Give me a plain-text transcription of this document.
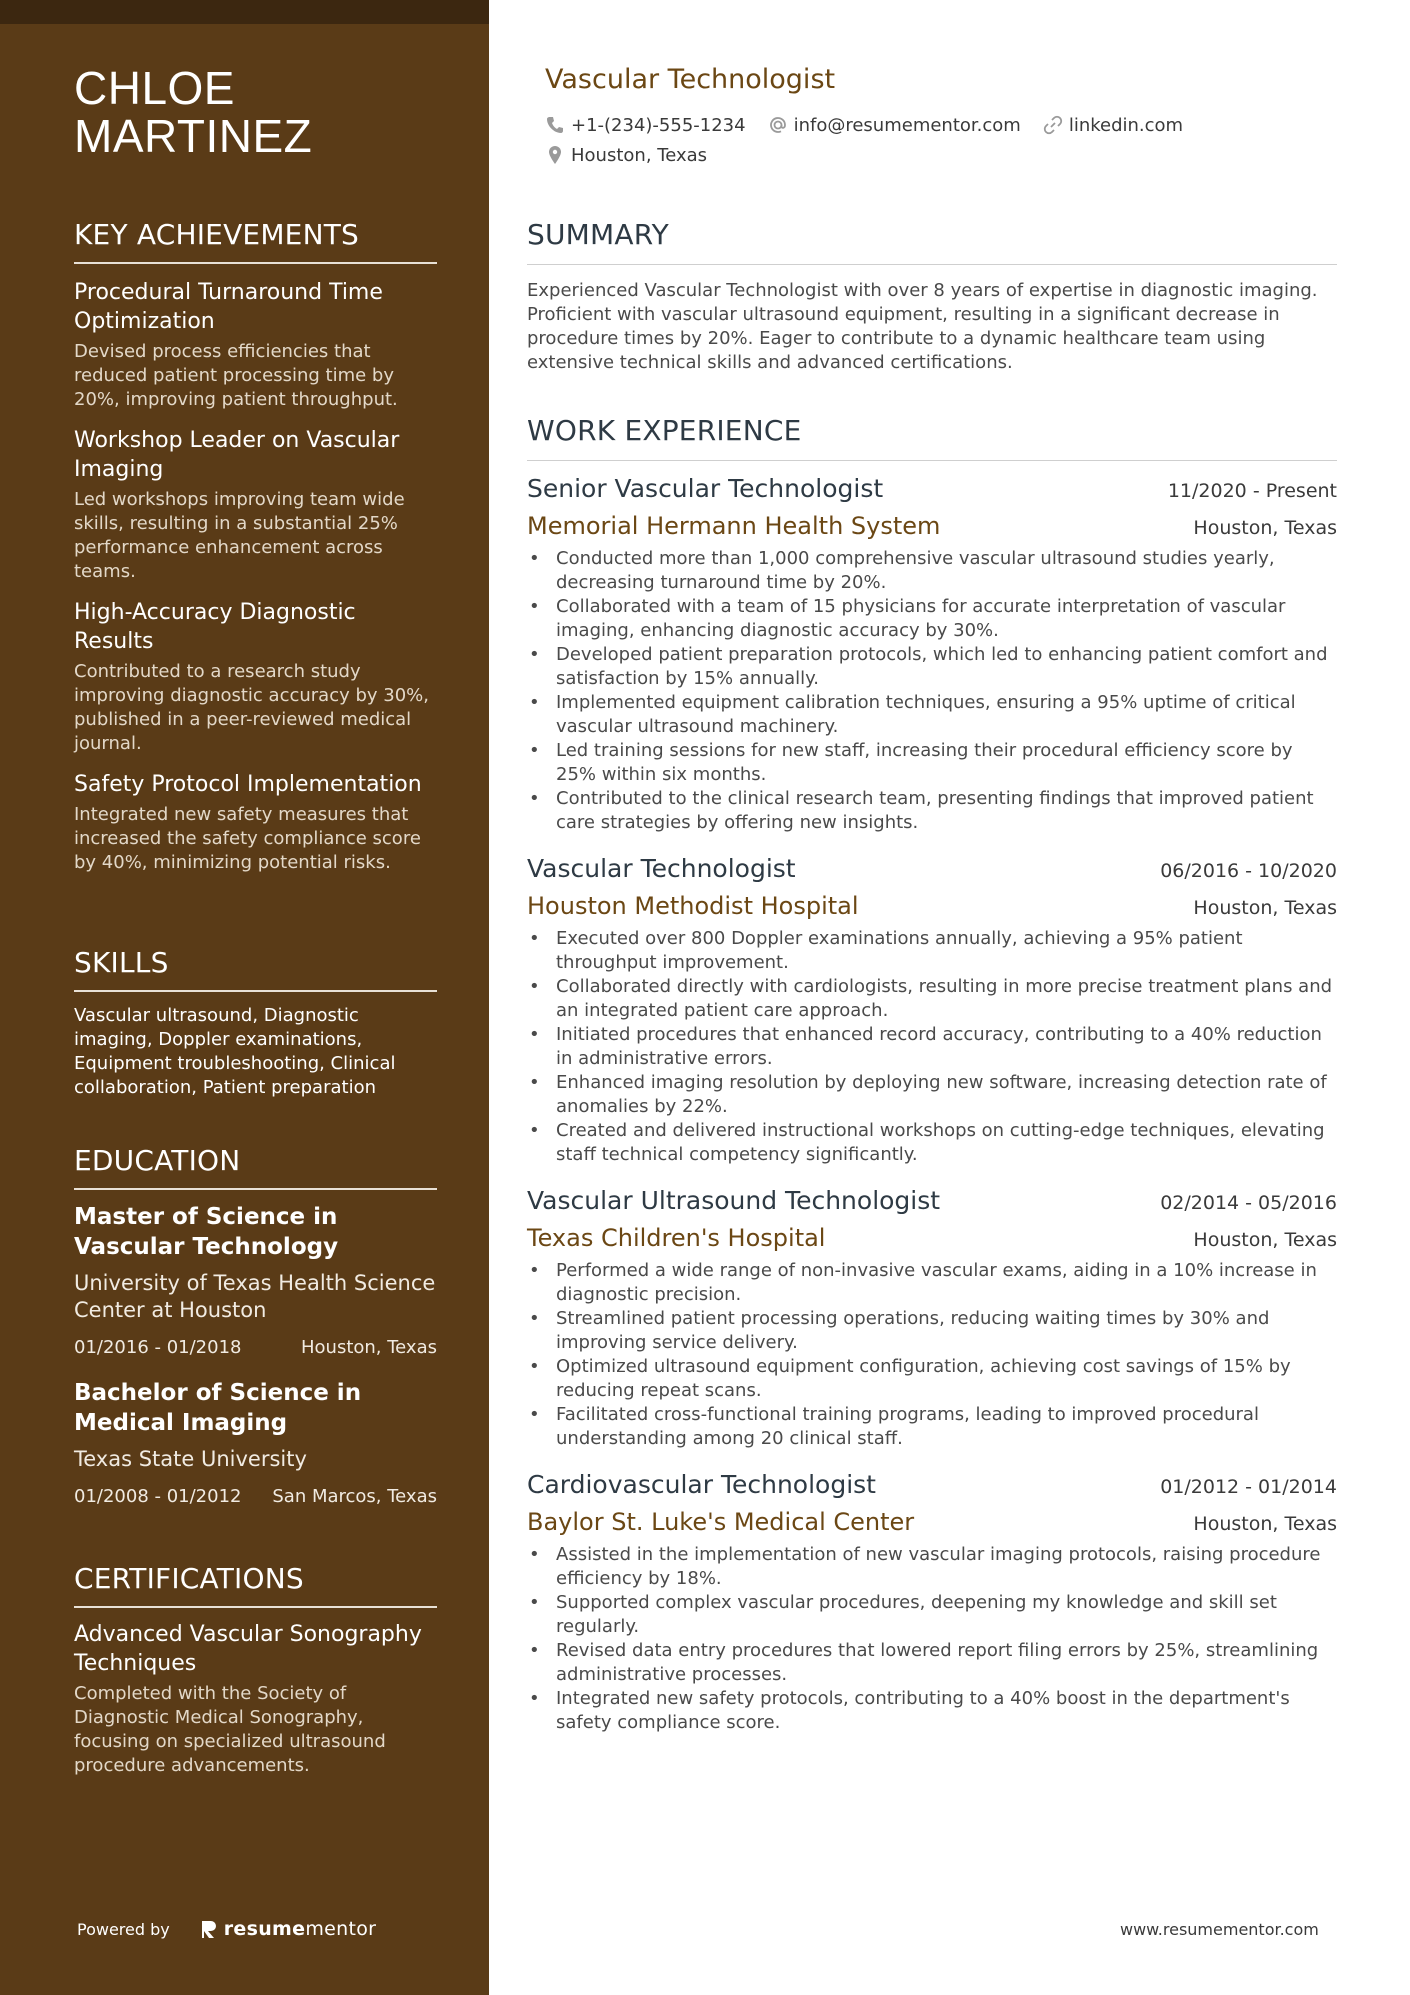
CHLOE
MARTINEZ
KEY ACHIEVEMENTS
Procedural Turnaround Time Optimization
Devised process efficiencies that reduced patient processing time by 20%, improving patient throughput.
Workshop Leader on Vascular Imaging
Led workshops improving team wide skills, resulting in a substantial 25% performance enhancement across teams.
High-Accuracy Diagnostic Results
Contributed to a research study improving diagnostic accuracy by 30%, published in a peer-reviewed medical journal.
Safety Protocol Implementation
Integrated new safety measures that increased the safety compliance score by 40%, minimizing potential risks.
SKILLS
Vascular ultrasound, Diagnostic imaging, Doppler examinations, Equipment troubleshooting, Clinical collaboration, Patient preparation
EDUCATION
Master of Science in Vascular Technology
University of Texas Health Science Center at Houston
01/2016 - 01/2018	Houston, Texas
Bachelor of Science in Medical Imaging
Texas State University
01/2008 - 01/2012 San Marcos, Texas
CERTIFICATIONS
Advanced Vascular Sonography Techniques
Completed with the Society of Diagnostic Medical Sonography, focusing on specialized ultrasound procedure advancements.
Powered by	resume mentor
Vascular Technologist
+1-(234)-555-1234	info@resumementor.com	linkedin.com
Houston, Texas
SUMMARY
Experienced Vascular Technologist with over 8 years of expertise in diagnostic imaging. Proficient with vascular ultrasound equipment, resulting in a significant decrease in procedure times by 20%. Eager to contribute to a dynamic healthcare team using extensive technical skills and advanced certifications.
WORK EXPERIENCE
Senior Vascular Technologist	11/2020 - Present
Memorial Hermann Health System	Houston, Texas
• Conducted more than 1,000 comprehensive vascular ultrasound studies yearly, decreasing turnaround time by 20%.
• Collaborated with a team of 15 physicians for accurate interpretation of vascular imaging, enhancing diagnostic accuracy by 30%.
• Developed patient preparation protocols, which led to enhancing patient comfort and satisfaction by 15% annually.
• Implemented equipment calibration techniques, ensuring a 95% uptime of critical vascular ultrasound machinery.
• Led training sessions for new staff, increasing their procedural efficiency score by 25% within six months.
• Contributed to the clinical research team, presenting findings that improved patient care strategies by offering new insights.
Vascular Technologist	06/2016 - 10/2020
Houston Methodist Hospital	Houston, Texas
• Executed over 800 Doppler examinations annually, achieving a 95% patient throughput improvement.
• Collaborated directly with cardiologists, resulting in more precise treatment plans and an integrated patient care approach.
• Initiated procedures that enhanced record accuracy, contributing to a 40% reduction in administrative errors.
• Enhanced imaging resolution by deploying new software, increasing detection rate of anomalies by 22%.
• Created and delivered instructional workshops on cutting-edge techniques, elevating staff technical competency significantly.
Vascular Ultrasound Technologist	02/2014 - 05/2016
Texas Children's Hospital	Houston, Texas
• Performed a wide range of non-invasive vascular exams, aiding in a 10% increase in diagnostic precision.
• Streamlined patient processing operations, reducing waiting times by 30% and improving service delivery.
• Optimized ultrasound equipment configuration, achieving cost savings of 15% by reducing repeat scans.
• Facilitated cross-functional training programs, leading to improved procedural understanding among 20 clinical staff.
Cardiovascular Technologist	01/2012 - 01/2014
Baylor St. Luke's Medical Center	Houston, Texas
• Assisted in the implementation of new vascular imaging protocols, raising procedure efficiency by 18%.
• Supported complex vascular procedures, deepening my knowledge and skill set regularly.
• Revised data entry procedures that lowered report filing errors by 25%, streamlining administrative processes.
• Integrated new safety protocols, contributing to a 40% boost in the department's safety compliance score.
www.resumementor.com
